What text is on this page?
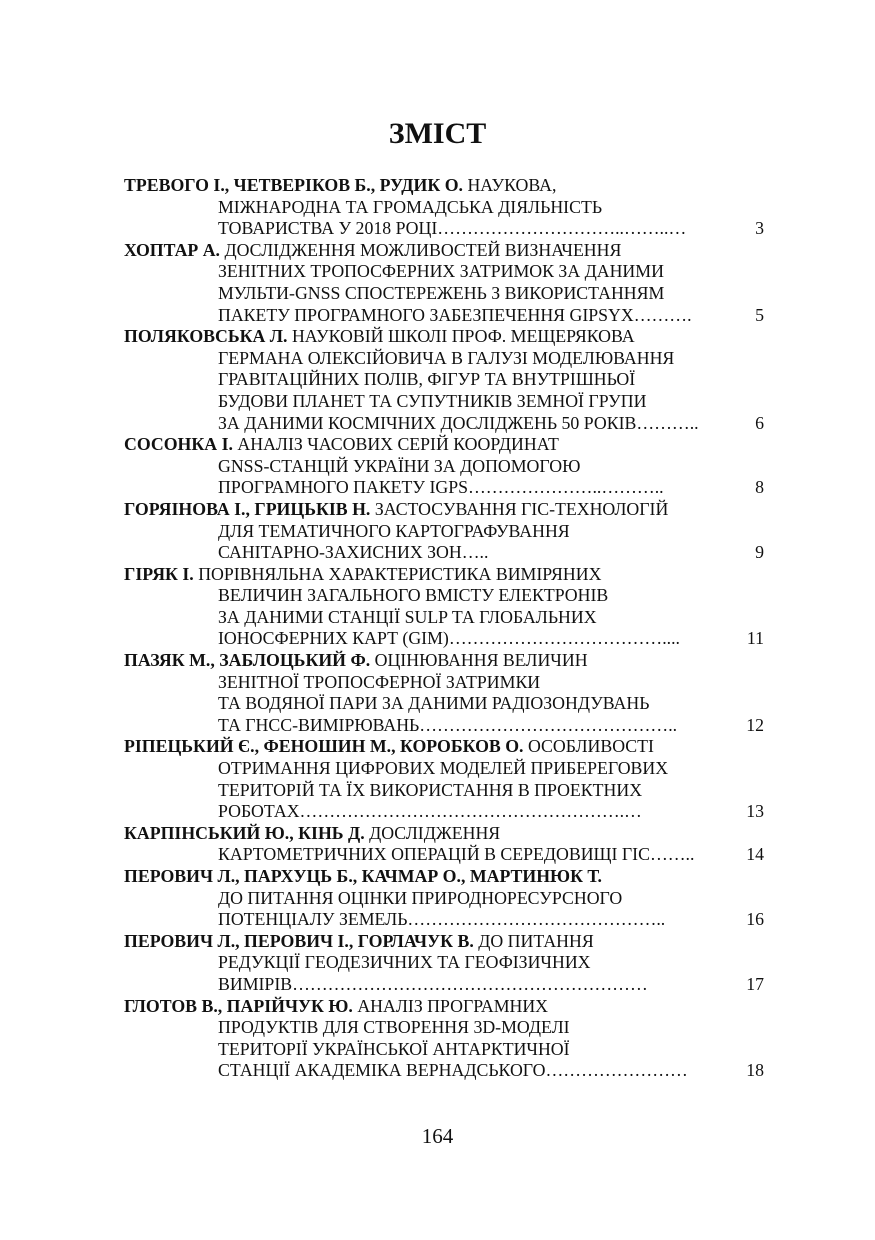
ЗМІСТ
ТРЕВОГО І., ЧЕТВЕРІКОВ Б., РУДИК О. НАУКОВА,
МІЖНАРОДНА ТА ГРОМАДСЬКА ДІЯЛЬНІСТЬ
ТОВАРИСТВА У 2018 РОЦІ…………………………..……..…	3
ХОПТАР А. ДОСЛІДЖЕННЯ МОЖЛИВОСТЕЙ ВИЗНАЧЕННЯ
ЗЕНІТНИХ ТРОПОСФЕРНИХ ЗАТРИМОК ЗА ДАНИМИ
МУЛЬТИ-GNSS СПОСТЕРЕЖЕНЬ З ВИКОРИСТАННЯМ
ПАКЕТУ ПРОГРАМНОГО ЗАБЕЗПЕЧЕННЯ GIPSYX……….	5
ПОЛЯКОВСЬКА Л. НАУКОВІЙ ШКОЛІ ПРОФ. МЕЩЕРЯКОВА
ГЕРМАНА ОЛЕКСІЙОВИЧА В ГАЛУЗІ МОДЕЛЮВАННЯ
ГРАВІТАЦІЙНИХ ПОЛІВ, ФІГУР ТА ВНУТРІШНЬОЇ
БУДОВИ ПЛАНЕТ ТА СУПУТНИКІВ ЗЕМНОЇ ГРУПИ
ЗА ДАНИМИ КОСМІЧНИХ ДОСЛІДЖЕНЬ 50 РОКІВ………..	6
СОСОНКА І. АНАЛІЗ ЧАСОВИХ СЕРІЙ КООРДИНАТ
GNSS-СТАНЦІЙ УКРАЇНИ ЗА ДОПОМОГОЮ
ПРОГРАМНОГО ПАКЕТУ IGPS…………………..………..	8
ГОРЯІНОВА І., ГРИЦЬКІВ Н. ЗАСТОСУВАННЯ ГІС-ТЕХНОЛОГІЙ
ДЛЯ ТЕМАТИЧНОГО КАРТОГРАФУВАННЯ
САНІТАРНО-ЗАХИСНИХ ЗОН…..	9
ГІРЯК І. ПОРІВНЯЛЬНА ХАРАКТЕРИСТИКА ВИМІРЯНИХ
ВЕЛИЧИН ЗАГАЛЬНОГО ВМІСТУ ЕЛЕКТРОНІВ
ЗА ДАНИМИ СТАНЦІЇ SULP ТА ГЛОБАЛЬНИХ
ІОНОСФЕРНИХ КАРТ (GIM)………………………………....	11
ПАЗЯК М., ЗАБЛОЦЬКИЙ Ф. ОЦІНЮВАННЯ ВЕЛИЧИН
ЗЕНІТНОЇ ТРОПОСФЕРНОЇ ЗАТРИМКИ
ТА ВОДЯНОЇ ПАРИ ЗА ДАНИМИ РАДІОЗОНДУВАНЬ
ТА ГНСС-ВИМІРЮВАНЬ……………………………………..	12
РІПЕЦЬКИЙ Є., ФЕНОШИН М., КОРОБКОВ О. ОСОБЛИВОСТІ
ОТРИМАННЯ ЦИФРОВИХ МОДЕЛЕЙ ПРИБЕРЕГОВИХ
ТЕРИТОРІЙ ТА ЇХ ВИКОРИСТАННЯ В ПРОЕКТНИХ
РОБОТАХ……………………………………………….…	13
КАРПІНСЬКИЙ Ю., КІНЬ Д. ДОСЛІДЖЕННЯ
КАРТОМЕТРИЧНИХ ОПЕРАЦІЙ В СЕРЕДОВИЩІ ГІС……..	14
ПЕРОВИЧ Л., ПАРХУЦЬ Б., КАЧМАР О., МАРТИНЮК Т.
ДО ПИТАННЯ ОЦІНКИ ПРИРОДНОРЕСУРСНОГО
ПОТЕНЦІАЛУ ЗЕМЕЛЬ……………………………………..	16
ПЕРОВИЧ Л., ПЕРОВИЧ І., ГОРЛАЧУК В. ДО ПИТАННЯ
РЕДУКЦІЇ ГЕОДЕЗИЧНИХ ТА ГЕОФІЗИЧНИХ
ВИМІРІВ……………………………………………………	17
ГЛОТОВ В., ПАРІЙЧУК Ю. АНАЛІЗ ПРОГРАМНИХ
ПРОДУКТІВ ДЛЯ СТВОРЕННЯ 3D-МОДЕЛІ
ТЕРИТОРІЇ УКРАЇНСЬКОЇ АНТАРКТИЧНОЇ
СТАНЦІЇ АКАДЕМІКА ВЕРНАДСЬКОГО……………………	18
164
